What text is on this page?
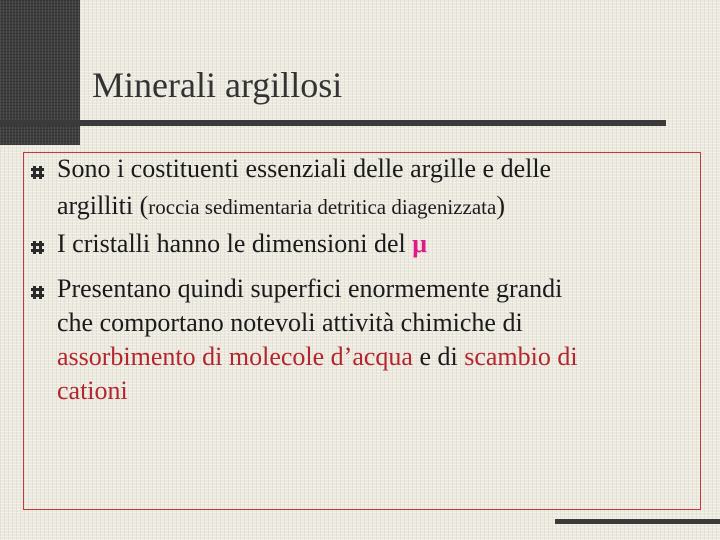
Minerali argillosi
Sono i costituenti essenziali delle argille e delle
argilliti (roccia sedimentaria detritica diagenizzata)
I cristalli hanno le dimensioni del μ
Presentano quindi superfici enormemente grandi
che comportano notevoli attività chimiche di
assorbimento di molecole d’acqua e di scambio di
cationi
